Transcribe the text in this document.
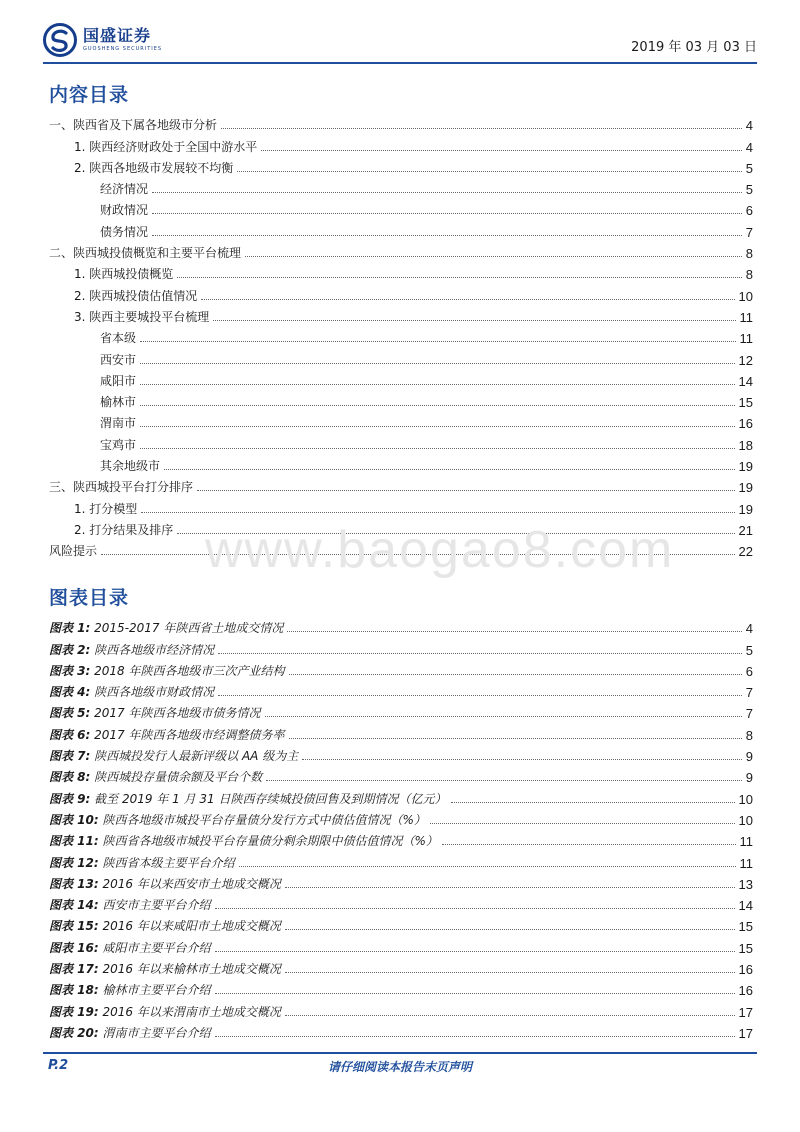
国盛证券
GUOSHENG SECURITIES	2019 年 03 月 03 日
内容目录
一、陕西省及下属各地级市分析	4
1. 陕西经济财政处于全国中游水平	4
2. 陕西各地级市发展较不均衡	5
经济情况	5
财政情况	6
债务情况	7
二、陕西城投债概览和主要平台梳理	8
1. 陕西城投债概览	8
2. 陕西城投债估值情况	10
3. 陕西主要城投平台梳理	11
省本级	11
西安市	12
咸阳市	14
榆林市	15
渭南市	16
宝鸡市	18
其余地级市	19
三、陕西城投平台打分排序	19
1. 打分模型	19
2. 打分结果及排序	21
风险提示	22
www.baogao8.com
图表目录
图表 1: 2015-2017 年陕西省土地成交情况	4
图表 2: 陕西各地级市经济情况	5
图表 3: 2018 年陕西各地级市三次产业结构	6
图表 4: 陕西各地级市财政情况	7
图表 5: 2017 年陕西各地级市债务情况	7
图表 6: 2017 年陕西各地级市经调整债务率	8
图表 7: 陕西城投发行人最新评级以 AA 级为主	9
图表 8: 陕西城投存量债余额及平台个数	9
图表 9: 截至 2019 年 1 月 31 日陕西存续城投债回售及到期情况（亿元）	10
图表 10: 陕西各地级市城投平台存量债分发行方式中债估值情况（%）	10
图表 11: 陕西省各地级市城投平台存量债分剩余期限中债估值情况（%）	11
图表 12: 陕西省本级主要平台介绍	11
图表 13: 2016 年以来西安市土地成交概况	13
图表 14: 西安市主要平台介绍	14
图表 15: 2016 年以来咸阳市土地成交概况	15
图表 16: 咸阳市主要平台介绍	15
图表 17: 2016 年以来榆林市土地成交概况	16
图表 18: 榆林市主要平台介绍	16
图表 19: 2016 年以来渭南市土地成交概况	17
图表 20: 渭南市主要平台介绍	17
P.2	请仔细阅读本报告末页声明
